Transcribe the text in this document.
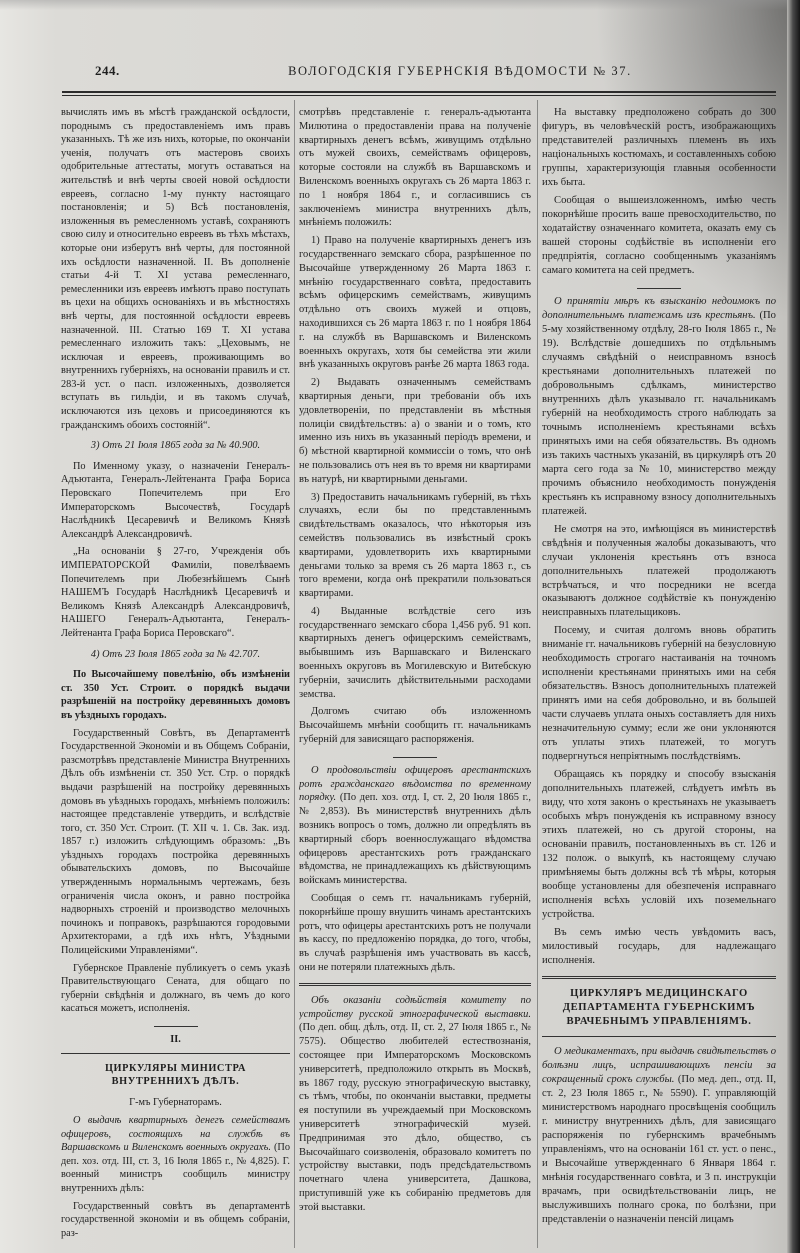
244.	ВОЛОГОДСКІЯ ГУБЕРНСКІЯ ВѢДОМОСТИ № 37.

вычислять имъ въ мѣстѣ гражданской осѣдлости, породнымъ съ предоставленіемъ имъ правъ указанныхъ. Тѣ же изъ нихъ, которые, по окончаніи ученія, получатъ отъ мастеровъ своихъ одобрительные аттестаты, могутъ оставаться на жительствѣ и внѣ черты своей новой осѣдлости евреевъ, согласно 1-му пункту настоящаго постановленія; и 5) Всѣ постановленія, изложенныя въ ремесленномъ уставѣ, сохраняютъ свою силу и относительно евреевъ въ тѣхъ мѣстахъ, которые они изберутъ внѣ черты, для постоянной ихъ осѣдлости назначенной. II. Въ дополненіе статьи 4-й Т. XI устава ремесленнаго, ремесленники изъ евреевъ имѣютъ право поступать въ цехи на общихъ основаніяхъ и въ мѣстностяхъ внѣ черты, для постоянной осѣдлости евреевъ назначенной. III. Статью 169 Т. XI устава ремесленнаго изложить такъ: „Цеховымъ, не исключая и евреевъ, проживающимъ во внутреннихъ губерніяхъ, на основаніи правилъ и ст. 283-й уст. о пасп. изложенныхъ, дозволяется вступать въ гильдіи, и въ такомъ случаѣ, исключаются изъ цеховъ и присоединяются къ гражданскимъ обоихъ состояній“.

3) Отъ 21 Іюля 1865 года за № 40.900.

По Именному указу, о назначеніи Генералъ-Адъютанта, Генералъ-Лейтенанта Графа Бориса Перовскаго Попечителемъ при Его Императорскомъ Высочествѣ, Государѣ Наслѣдникѣ Цесаревичѣ и Великомъ Князѣ Александрѣ Александровичѣ.

„На основаніи § 27-го, Учрежденія объ ИМПЕРАТОРСКОЙ Фамиліи, повелѣваемъ Попечителемъ при Любезнѣйшемъ Сынѣ НАШЕМЪ Государѣ Наслѣдникѣ Цесаревичѣ и Великомъ Князѣ Александрѣ Александровичѣ, НАШЕГО Генералъ-Адъютанта, Генералъ-Лейтенанта Графа Бориса Перовскаго“.

4) Отъ 23 Іюля 1865 года за № 42.707.

По Высочайшему повелѣнію, объ измѣненіи ст. 350 Уст. Строит. о порядкѣ выдачи разрѣшеній на постройку деревянныхъ домовъ въ уѣздныхъ городахъ.

Государственный Совѣтъ, въ Департаментѣ Государственной Экономіи и въ Общемъ Собраніи, разсмотрѣвъ представленіе Министра Внутреннихъ Дѣлъ объ измѣненіи ст. 350 Уст. Стр. о порядкѣ выдачи разрѣшеній на постройку деревянныхъ домовъ въ уѣздныхъ городахъ, мнѣніемъ положилъ: настоящее представленіе утвердить, и вслѣдствіе того, ст. 350 Уст. Строит. (Т. XII ч. 1. Св. Зак. изд. 1857 г.) изложить слѣдующимъ образомъ: „Въ уѣздныхъ городахъ постройка деревянныхъ обывательскихъ домовъ, по Высочайше утвержденнымъ нормальнымъ чертежамъ, безъ ограниченія числа оконъ, и равно постройка надворныхъ строеній и производство мелочныхъ починокъ и поправокъ, разрѣшаются городовыми Архитекторами, а гдѣ ихъ нѣтъ, Уѣздными Полицейскими Управленіями“.

Губернское Правленіе публикуетъ о семъ указѣ Правительствующаго Сената, для общаго по губерніи свѣдѣнія и должнаго, въ чемъ до кого касаться можетъ, исполненія.

II.
ЦИРКУЛЯРЫ МИНИСТРА ВНУТРЕННИХЪ ДѢЛЪ.

Г-мъ Губернаторамъ.

О выдачѣ квартирныхъ денегъ семействамъ офицеровъ, состоящихъ на службѣ въ Варшавскомъ и Виленскомъ военныхъ округахъ. (По деп. хоз. отд. III, ст. 3, 16 Іюля 1865 г., № 4,825). Г. военный министръ сообщилъ министру внутреннихъ дѣлъ:

Государственный совѣтъ въ департаментѣ государственной экономіи и въ общемъ собраніи, раз-

смотрѣвъ представленіе г. генералъ-адъютанта Милютина о предоставленіи права на полученіе квартирныхъ денегъ всѣмъ, живущимъ отдѣльно отъ мужей своихъ, семействамъ офицеровъ, которые состояли на службѣ въ Варшавскомъ и Виленскомъ военныхъ округахъ съ 26 марта 1863 г. по 1 ноября 1864 г., и согласившись съ заключеніемъ министра внутреннихъ дѣлъ, мнѣніемъ положилъ:

1) Право на полученіе квартирныхъ денегъ изъ государственнаго земскаго сбора, разрѣшенное по Высочайше утвержденному 26 Марта 1863 г. мнѣнію государственнаго совѣта, предоставить всѣмъ офицерскимъ семействамъ, живущимъ отдѣльно отъ своихъ мужей и отцовъ, находившихся съ 26 марта 1863 г. по 1 ноября 1864 г. на службѣ въ Варшавскомъ и Виленскомъ военныхъ округахъ, хотя бы семейства эти жили внѣ указанныхъ округовъ ранѣе 26 марта 1863 года.

2) Выдавать означеннымъ семействамъ квартирныя деньги, при требованіи объ ихъ удовлетвореніи, по представленіи въ мѣстныя полиціи свидѣтельствъ: а) о званіи и о томъ, кто именно изъ нихъ въ указанный періодъ времени, и б) мѣстной квартирной коммиссіи о томъ, что онѣ не пользовались отъ нея въ то время ни квартирами въ натурѣ, ни квартирными деньгами.

3) Предоставить начальникамъ губерній, въ тѣхъ случаяхъ, если бы по представленнымъ свидѣтельствамъ оказалось, что нѣкоторыя изъ семействъ пользовались въ извѣстный срокъ квартирами, удовлетворить ихъ квартирными деньгами только за время съ 26 марта 1863 г., съ того времени, когда онѣ прекратили пользоваться квартирами.

4) Выданные вслѣдствіе сего изъ государственнаго земскаго сбора 1,456 руб. 91 коп. квартирныхъ денегъ офицерскимъ семействамъ, выбывшимъ изъ Варшавскаго и Виленскаго военныхъ округовъ въ Могилевскую и Витебскую губерніи, зачислить дѣйствительными расходами земства.

Долгомъ считаю объ изложенномъ Высочайшемъ мнѣніи сообщить гг. начальникамъ губерній для зависящаго распоряженія.

О продовольствіи офицеровъ арестантскихъ ротъ гражданскаго вѣдомства по временному порядку. (По деп. хоз. отд. I, ст. 2, 20 Іюля 1865 г., № 2,853). Въ министерствѣ внутреннихъ дѣлъ возникъ вопросъ о томъ, должно ли опредѣлять въ квартирный сборъ военнослужащаго вѣдомства офицеровъ арестантскихъ ротъ гражданскаго вѣдомства, не принадлежащихъ къ дѣйствующимъ войскамъ министерства.

Сообщая о семъ гг. начальникамъ губерній, покорнѣйше прошу внушить чинамъ арестантскихъ ротъ, что офицеры арестантскихъ ротъ не получали въ кассу, по предложенію порядка, до того, чтобы, въ случаѣ разрѣшенія имъ участвовать въ кассѣ, они не потеряли платежныхъ дѣлъ.

Объ оказаніи содѣйствія комитету по устройству русской этнографической выставки. (По деп. общ. дѣлъ, отд. II, ст. 2, 27 Іюля 1865 г., № 7575). Общество любителей естествознанія, состоящее при Императорскомъ Московскомъ университетѣ, предположило открыть въ Москвѣ, въ 1867 году, русскую этнографическую выставку, съ тѣмъ, чтобы, по окончаніи выставки, предметы ея поступили въ учреждаемый при Московскомъ университетѣ этнографическій музей. Предпринимая это дѣло, общество, съ Высочайшаго соизволенія, образовало комитетъ по устройству выставки, подъ предсѣдательствомъ почетнаго члена университета, Дашкова, приступившій уже къ собиранію предметовъ для этой выставки.

На выставку предположено собрать до 300 фигуръ, въ человѣческій ростъ, изображающихъ представителей различныхъ племенъ въ ихъ національныхъ костюмахъ, и составленныхъ собою группы, характеризующія главныя особенности ихъ быта.

Сообщая о вышеизложенномъ, имѣю честь покорнѣйше просить ваше превосходительство, по ходатайству означеннаго комитета, оказать ему съ вашей стороны содѣйствіе въ исполненіи его предпріятія, согласно сообщеннымъ указаніямъ самаго комитета на сей предметъ.

О принятіи мѣръ къ взысканію недоимокъ по дополнительнымъ платежамъ изъ крестьянъ. (По 5-му хозяйственному отдѣлу, 28-го Іюля 1865 г., № 19). Вслѣдствіе дошедшихъ по отдѣльнымъ случаямъ свѣдѣній о неисправномъ взносѣ крестьянами дополнительныхъ платежей по добровольнымъ сдѣлкамъ, министерство внутреннихъ дѣлъ указывало гг. начальникамъ губерній на необходимость строго наблюдать за точнымъ исполненіемъ крестьянами всѣхъ принятыхъ ими на себя обязательствъ. Въ одномъ изъ такихъ частныхъ указаній, въ циркулярѣ отъ 20 марта сего года за № 10, министерство между прочимъ объяснило необходимость понужденія крестьянъ къ исправному взносу дополнительныхъ платежей.

Не смотря на это, имѣющіяся въ министерствѣ свѣдѣнія и полученныя жалобы доказываютъ, что случаи уклоненія крестьянъ отъ взноса дополнительныхъ платежей продолжаютъ встрѣчаться, и что посредники не всегда оказываютъ должное содѣйствіе къ понужденію неисправныхъ плательщиковъ.

Посему, и считая долгомъ вновь обратить вниманіе гг. начальниковъ губерній на безусловную необходимость строгаго настаиванія на точномъ исполненіи крестьянами принятыхъ ими на себя обязательствъ. Взносъ дополнительныхъ платежей принятъ ими на себя добровольно, и въ большей части случаевъ уплата оныхъ составляетъ для нихъ незначительную сумму; если же они уклоняются отъ уплаты этихъ платежей, то могутъ подвергнуться непріятнымъ послѣдствіямъ.

Обращаясь къ порядку и способу взысканія дополнительныхъ платежей, слѣдуетъ имѣть въ виду, что хотя законъ о крестьянахъ не указываетъ особыхъ мѣръ понужденія къ исправному взносу этихъ платежей, но съ другой стороны, на основаніи правилъ, постановленныхъ въ ст. 126 и 132 полож. о выкупѣ, къ настоящему случаю примѣняемы быть должны всѣ тѣ мѣры, которыя вообще установлены для обезпеченія исправнаго исполненія всѣхъ условій ихъ поземельнаго устройства.

Въ семъ имѣю честь увѣдомить васъ, милостивый государь, для надлежащаго исполненія.

ЦИРКУЛЯРЪ МЕДИЦИНСКАГО ДЕПАРТАМЕНТА ГУБЕРНСКИМЪ ВРАЧЕБНЫМЪ УПРАВЛЕНІЯМЪ.

О медикаментахъ, при выдачѣ свидѣтельствъ о болѣзни лицъ, испрашивающихъ пенсіи за сокращенный срокъ службы. (По мед. деп., отд. II, ст. 2, 23 Іюля 1865 г., № 5590). Г. управляющій министерствомъ народнаго просвѣщенія сообщилъ г. министру внутреннихъ дѣлъ, для зависящаго распоряженія по губернскимъ врачебнымъ управленіямъ, что на основаніи 161 ст. уст. о пенс., и Высочайше утвержденнаго 6 Января 1864 г. мнѣнія государственнаго совѣта, и 3 п. инструкціи врачамъ, при освидѣтельствованіи лицъ, не выслужившихъ полнаго срока, по болѣзни, при представленіи о назначеніи пенсій лицамъ
